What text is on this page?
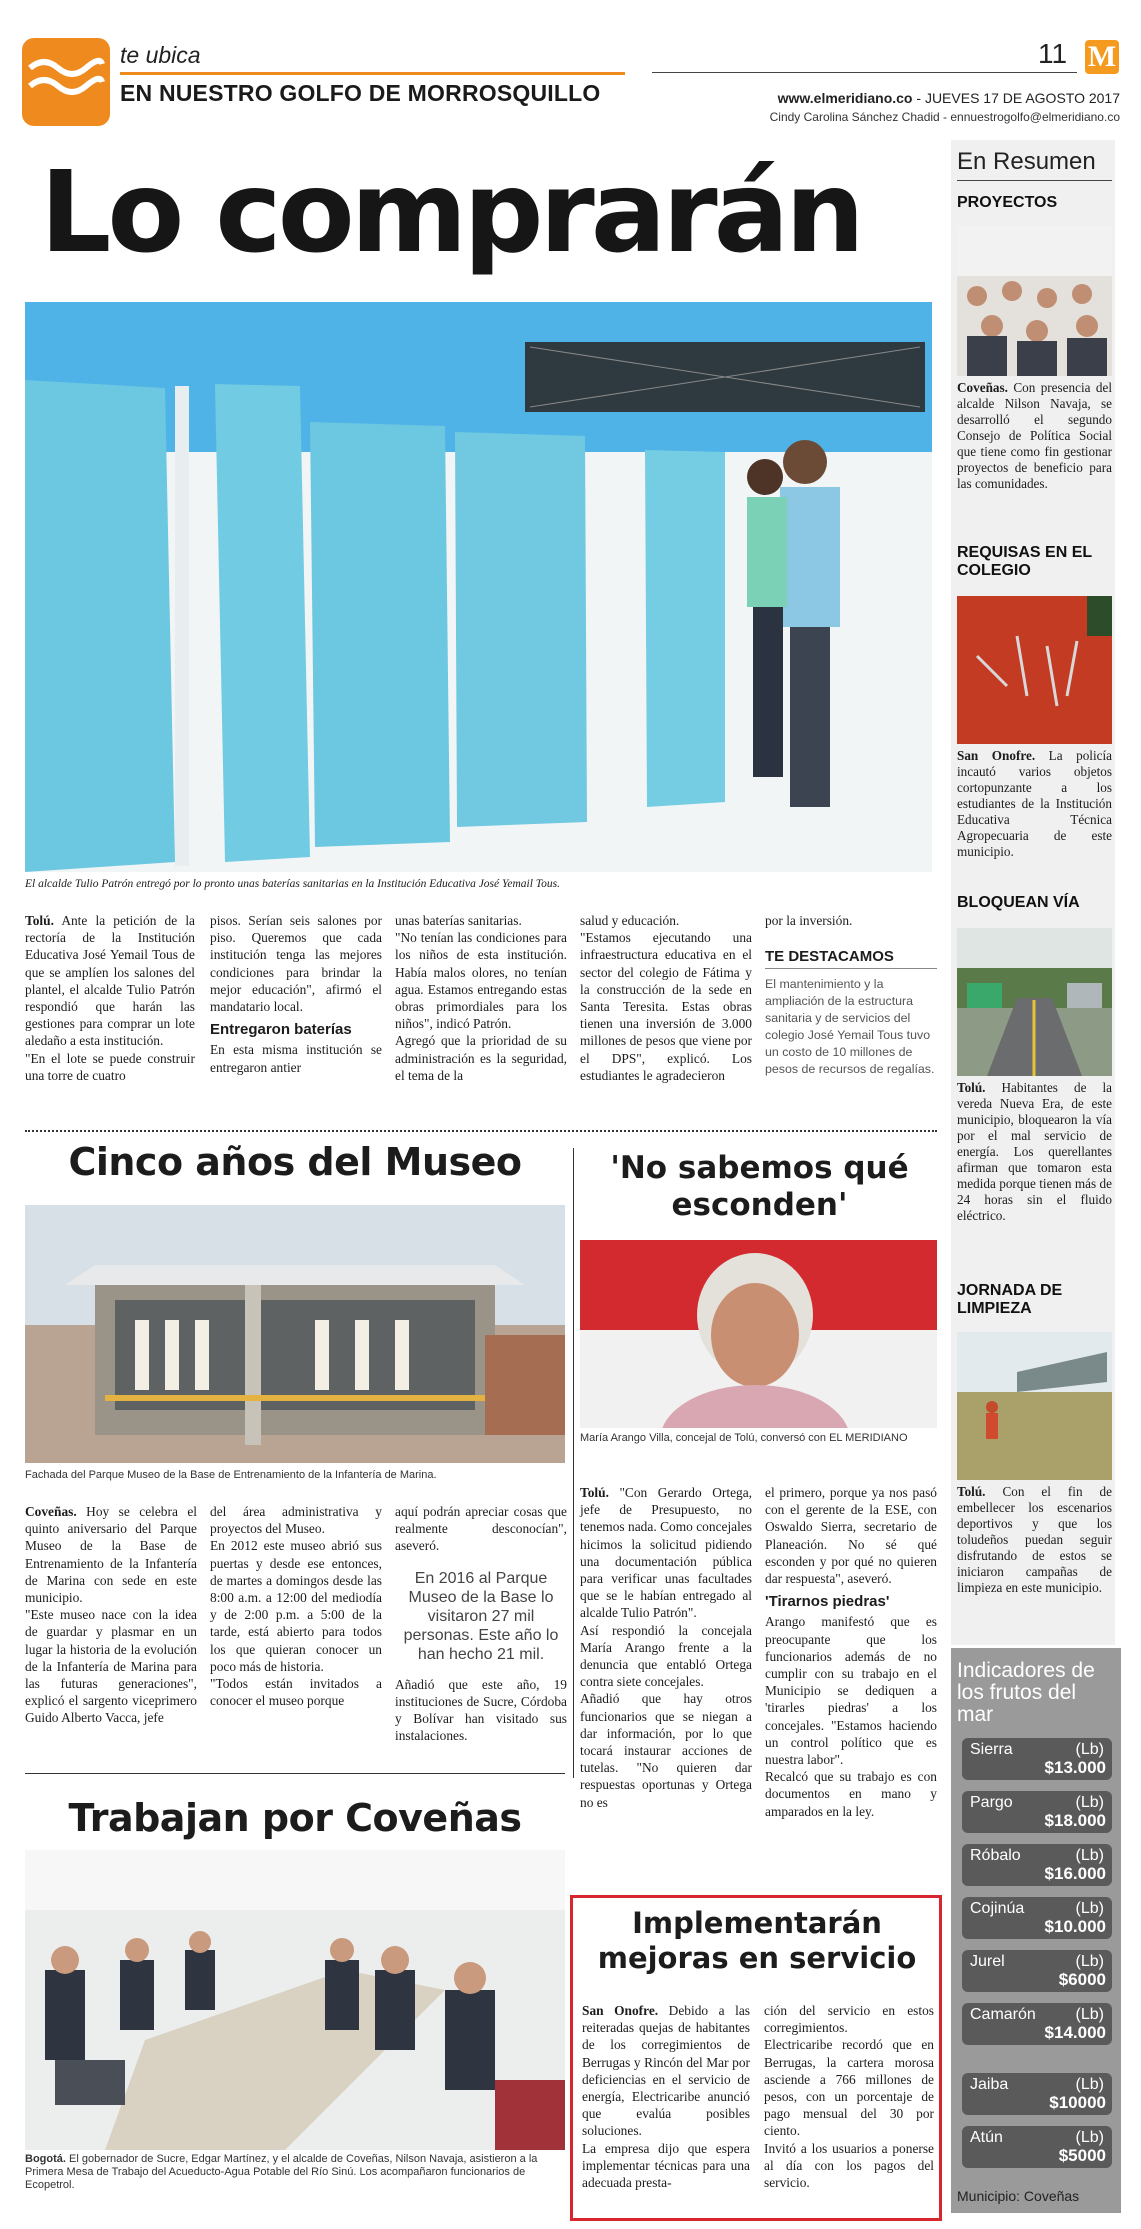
te ubica
EN NUESTRO GOLFO DE MORROSQUILLO
11 M
www.elmeridiano.co - JUEVES 17 DE AGOSTO 2017
Cindy Carolina Sánchez Chadid - ennuestrogolfo@elmeridiano.co
Lo comprarán
El alcalde Tulio Patrón entregó por lo pronto unas baterías sanitarias en la Institución Educativa José Yemail Tous.
Tolú. Ante la petición de la rectoría de la Institución Educativa José Yemail Tous de que se amplíen los salones del plantel, el alcalde Tulio Patrón respondió que harán las gestiones para comprar un lote aledaño a esta institución.
"En el lote se puede construir una torre de cuatro
pisos. Serían seis salones por piso. Queremos que cada institución tenga las mejores condiciones para brindar la mejor educación", afirmó el mandatario local.
Entregaron baterías
En esta misma institución se entregaron antier
unas baterías sanitarias.
"No tenían las condiciones para los niños de esta institución. Había malos olores, no tenían agua. Estamos entregando estas obras primordiales para los niños", indicó Patrón.
Agregó que la prioridad de su administración es la seguridad, el tema de la
salud y educación.
"Estamos ejecutando una infraestructura educativa en el sector del colegio de Fátima y la construcción de la sede en Santa Teresita. Estas obras tienen una inversión de 3.000 millones de pesos que viene por el DPS", explicó. Los estudiantes le agradecieron
por la inversión.
TE DESTACAMOS
El mantenimiento y la ampliación de la estructura sanitaria y de servicios del colegio José Yemail Tous tuvo un costo de 10 millones de pesos de recursos de regalías.
Cinco años del Museo
Fachada del Parque Museo de la Base de Entrenamiento de la Infantería de Marina.
Coveñas. Hoy se celebra el quinto aniversario del Parque Museo de la Base de Entrenamiento de la Infantería de Marina con sede en este municipio.
"Este museo nace con la idea de guardar y plasmar en un lugar la historia de la evolución de la Infantería de Marina para las futuras generaciones", explicó el sargento viceprimero Guido Alberto Vacca, jefe
del área administrativa y proyectos del Museo.
En 2012 este museo abrió sus puertas y desde ese entonces, de martes a domingos desde las 8:00 a.m. a 12:00 del mediodía y de 2:00 p.m. a 5:00 de la tarde, está abierto para todos los que quieran conocer un poco más de historia.
"Todos están invitados a conocer el museo porque
aquí podrán apreciar cosas que realmente desconocían", aseveró.
En 2016 al Parque Museo de la Base lo visitaron 27 mil personas. Este año lo han hecho 21 mil.
Añadió que este año, 19 instituciones de Sucre, Córdoba y Bolívar han visitado sus instalaciones.
'No sabemos qué esconden'
María Arango Villa, concejal de Tolú, conversó con EL MERIDIANO
Tolú. "Con Gerardo Ortega, jefe de Presupuesto, no tenemos nada. Como concejales hicimos la solicitud pidiendo una documentación pública para verificar unas facultades que se le habían entregado al alcalde Tulio Patrón".
Así respondió la concejala María Arango frente a la denuncia que entabló Ortega contra siete concejales.
Añadió que hay otros funcionarios que se niegan a dar información, por lo que tocará instaurar acciones de tutelas. "No quieren dar respuestas oportunas y Ortega no es
el primero, porque ya nos pasó con el gerente de la ESE, con Oswaldo Sierra, secretario de Planeación. No sé qué esconden y por qué no quieren dar respuesta", aseveró.
'Tirarnos piedras'
Arango manifestó que es preocupante que los funcionarios además de no cumplir con su trabajo en el Municipio se dediquen a 'tirarles piedras' a los concejales. "Estamos haciendo un control político que es nuestra labor".
Recalcó que su trabajo es con documentos en mano y amparados en la ley.
Trabajan por Coveñas
Bogotá. El gobernador de Sucre, Edgar Martínez, y el alcalde de Coveñas, Nilson Navaja, asistieron a la Primera Mesa de Trabajo del Acueducto-Agua Potable del Río Sinú. Los acompañaron funcionarios de Ecopetrol.
Implementarán mejoras en servicio
San Onofre. Debido a las reiteradas quejas de habitantes de los corregimientos de Berrugas y Rincón del Mar por deficiencias en el servicio de energía, Electricaribe anunció que evalúa posibles soluciones.
La empresa dijo que espera implementar técnicas para una adecuada presta-
ción del servicio en estos corregimientos.
Electricaribe recordó que en Berrugas, la cartera morosa asciende a 766 millones de pesos, con un porcentaje de pago mensual del 30 por ciento.
Invitó a los usuarios a ponerse al día con los pagos del servicio.
En Resumen
PROYECTOS
Coveñas. Con presencia del alcalde Nilson Navaja, se desarrolló el segundo Consejo de Política Social que tiene como fin gestionar proyectos de beneficio para las comunidades.
REQUISAS EN EL COLEGIO
San Onofre. La policía incautó varios objetos cortopunzante a los estudiantes de la Institución Educativa Técnica Agropecuaria de este municipio.
BLOQUEAN VÍA
Tolú. Habitantes de la vereda Nueva Era, de este municipio, bloquearon la vía por el mal servicio de energía. Los querellantes afirman que tomaron esta medida porque tienen más de 24 horas sin el fluido eléctrico.
JORNADA DE LIMPIEZA
Tolú. Con el fin de embellecer los escenarios deportivos y que los toludeños puedan seguir disfrutando de estos se iniciaron campañas de limpieza en este municipio.
Indicadores de los frutos del mar
Sierra	(Lb)
$13.000
Pargo	(Lb)
$18.000
Róbalo	(Lb)
$16.000
Cojinúa	(Lb)
$10.000
Jurel	(Lb)
$6000
Camarón (Lb)
$14.000
Jaiba	(Lb)
$10000
Atún	(Lb)
$5000
Municipio: Coveñas
